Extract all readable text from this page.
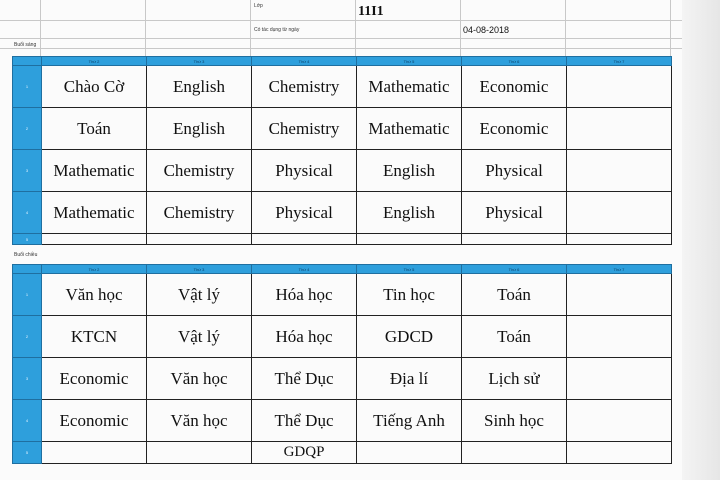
Lớp	11I1
Có tác dụng từ ngày	04-08-2018
Buổi sáng
Buổi chiều
	Thứ 2	Thứ 3	Thứ 4	Thứ 5	Thứ 6	Thứ 7
1	Chào Cờ	English	Chemistry	Mathematic	Economic	
2	Toán	English	Chemistry	Mathematic	Economic	
3	Mathematic	Chemistry	Physical	English	Physical	
4	Mathematic	Chemistry	Physical	English	Physical	
5						
	Thứ 2	Thứ 3	Thứ 4	Thứ 5	Thứ 6	Thứ 7
1	Văn học	Vật lý	Hóa học	Tin học	Toán	
2	KTCN	Vật lý	Hóa học	GDCD	Toán	
3	Economic	Văn học	Thể Dục	Địa lí	Lịch sử	
4	Economic	Văn học	Thể Dục	Tiếng Anh	Sinh học	
5			GDQP			
